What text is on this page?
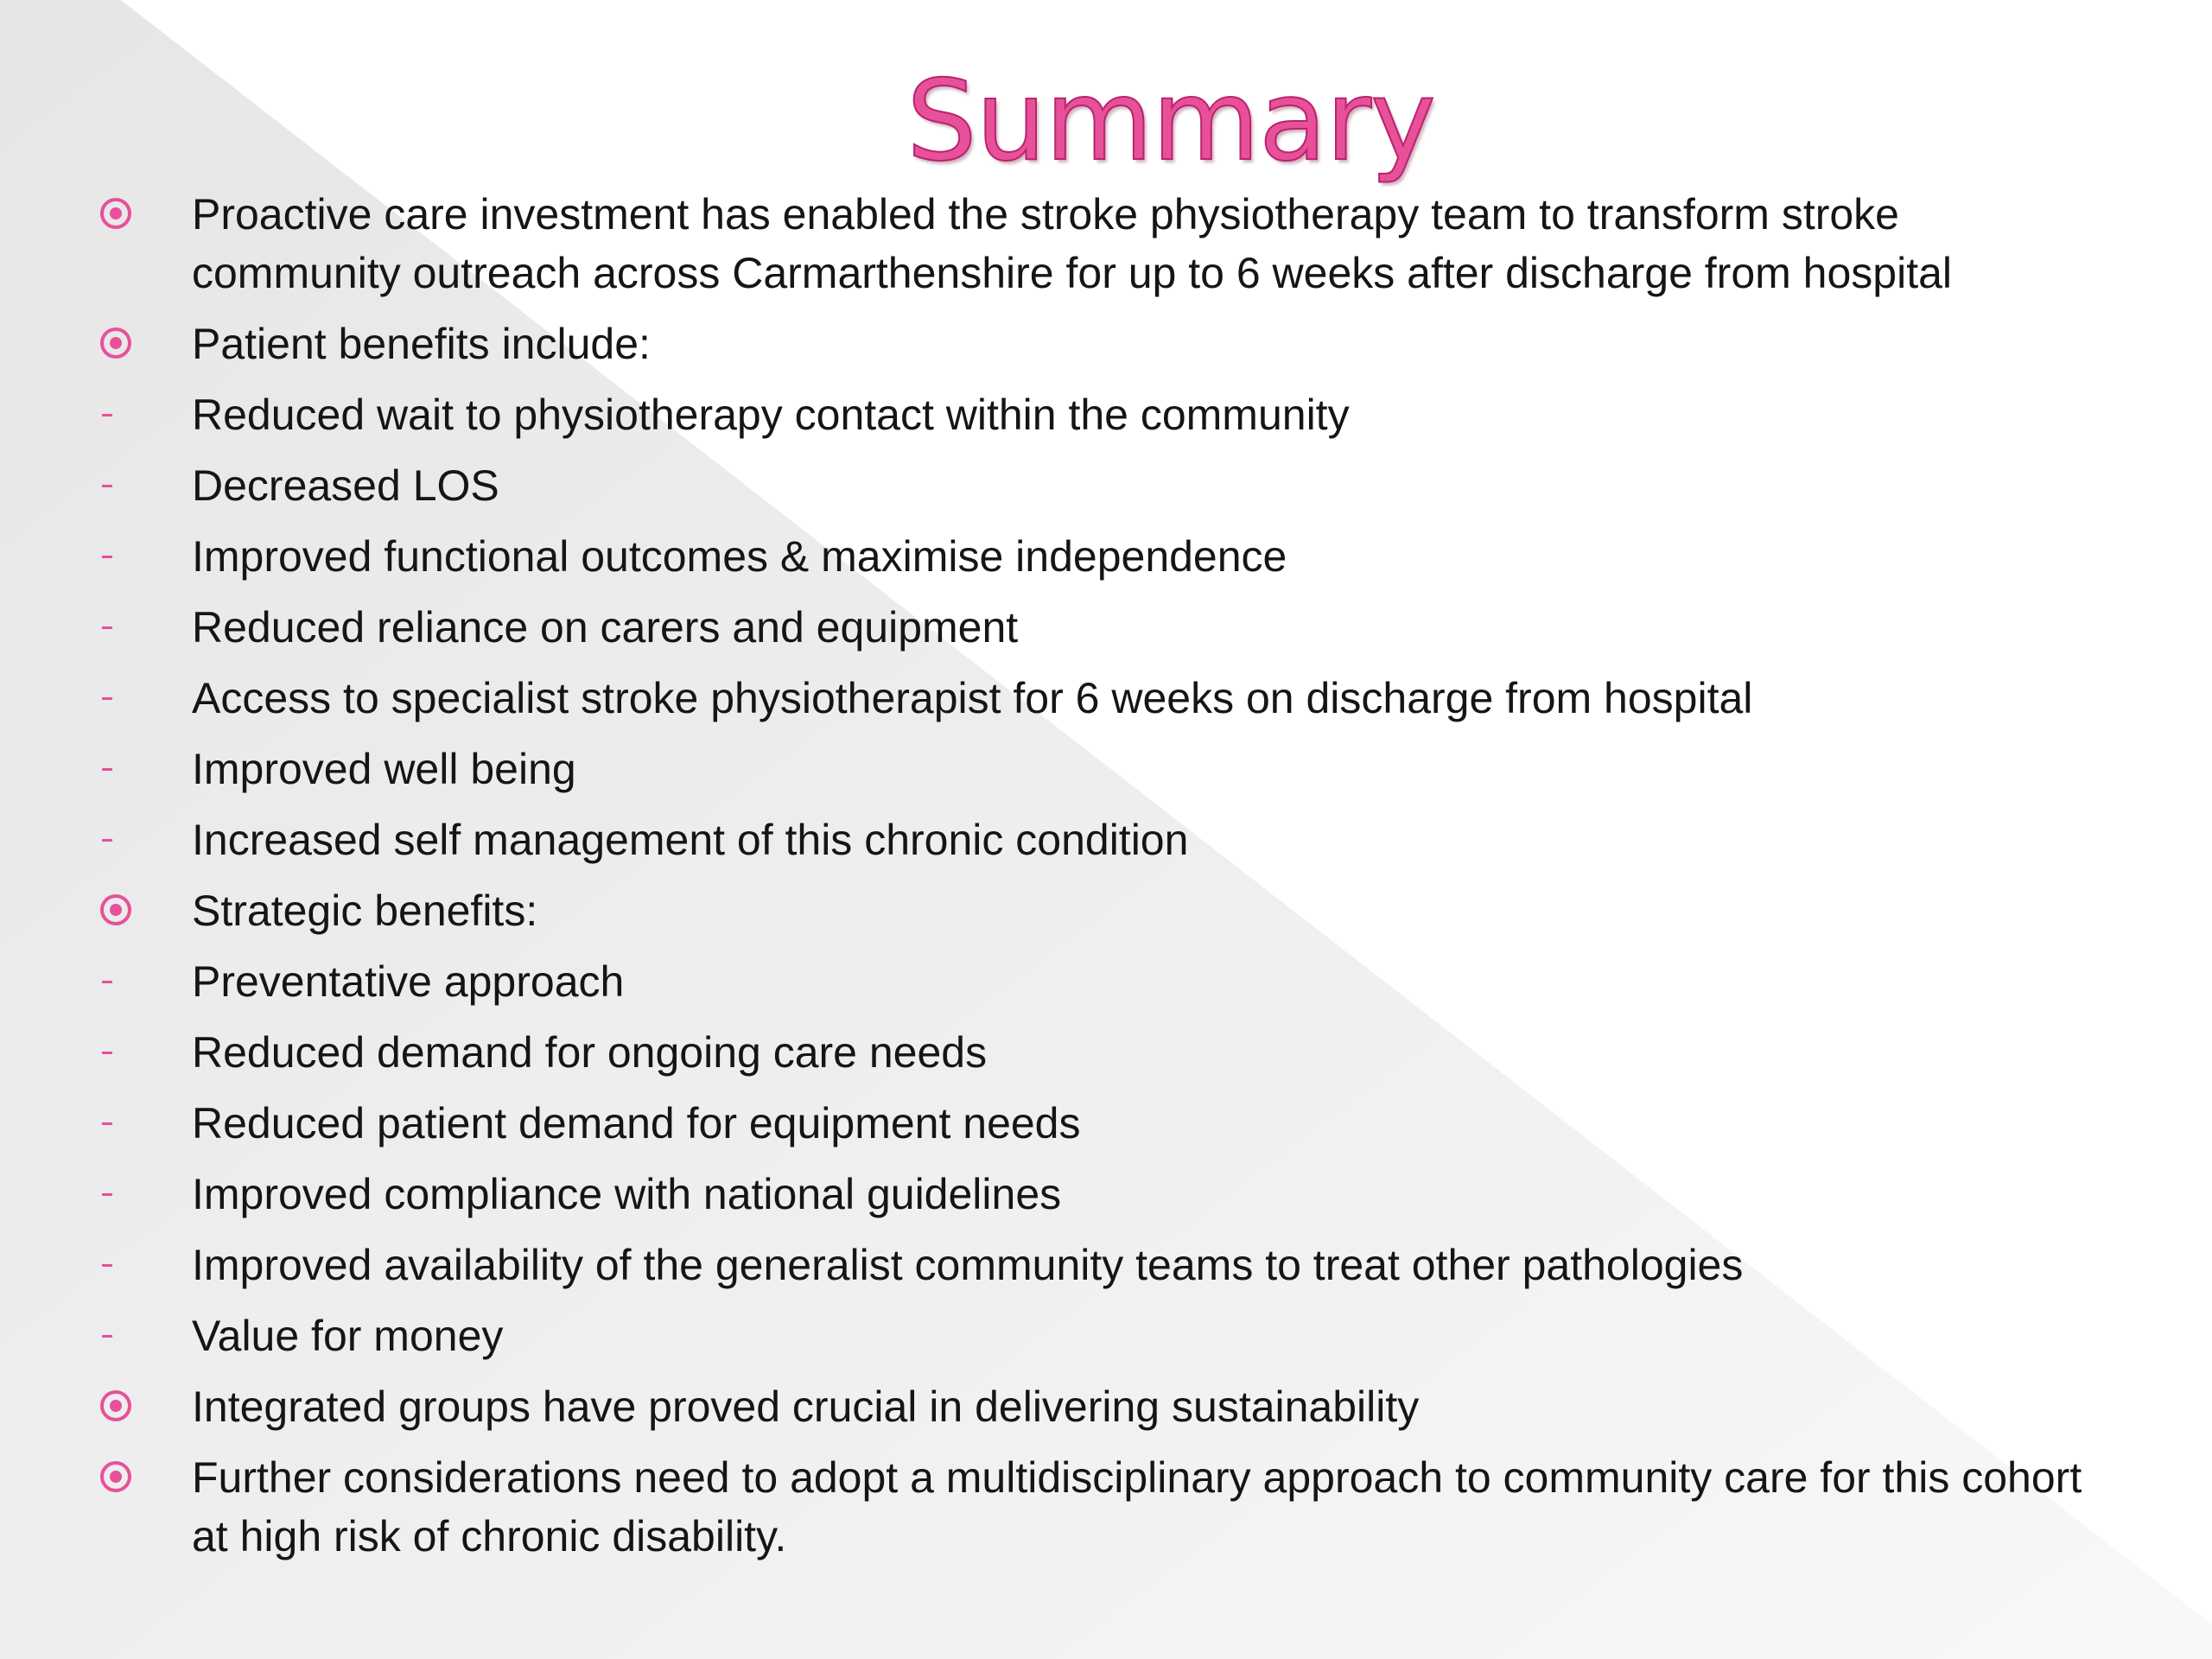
Summary
Proactive care investment has enabled the stroke physiotherapy team to transform stroke community outreach across Carmarthenshire for up to 6 weeks after discharge from hospital
Patient benefits include:
Reduced wait to physiotherapy contact within the community
Decreased LOS
Improved functional outcomes & maximise independence
Reduced reliance on carers and equipment
Access to specialist stroke physiotherapist for 6 weeks on discharge from hospital
Improved well being
Increased self management of this chronic condition
Strategic benefits:
Preventative approach
Reduced demand for ongoing care needs
Reduced patient demand for equipment needs
Improved compliance with national guidelines
Improved availability of the generalist community teams to treat other pathologies
Value for money
Integrated groups have proved crucial in delivering sustainability
Further considerations need to adopt a multidisciplinary approach to community care for this cohort at high risk of chronic disability.
